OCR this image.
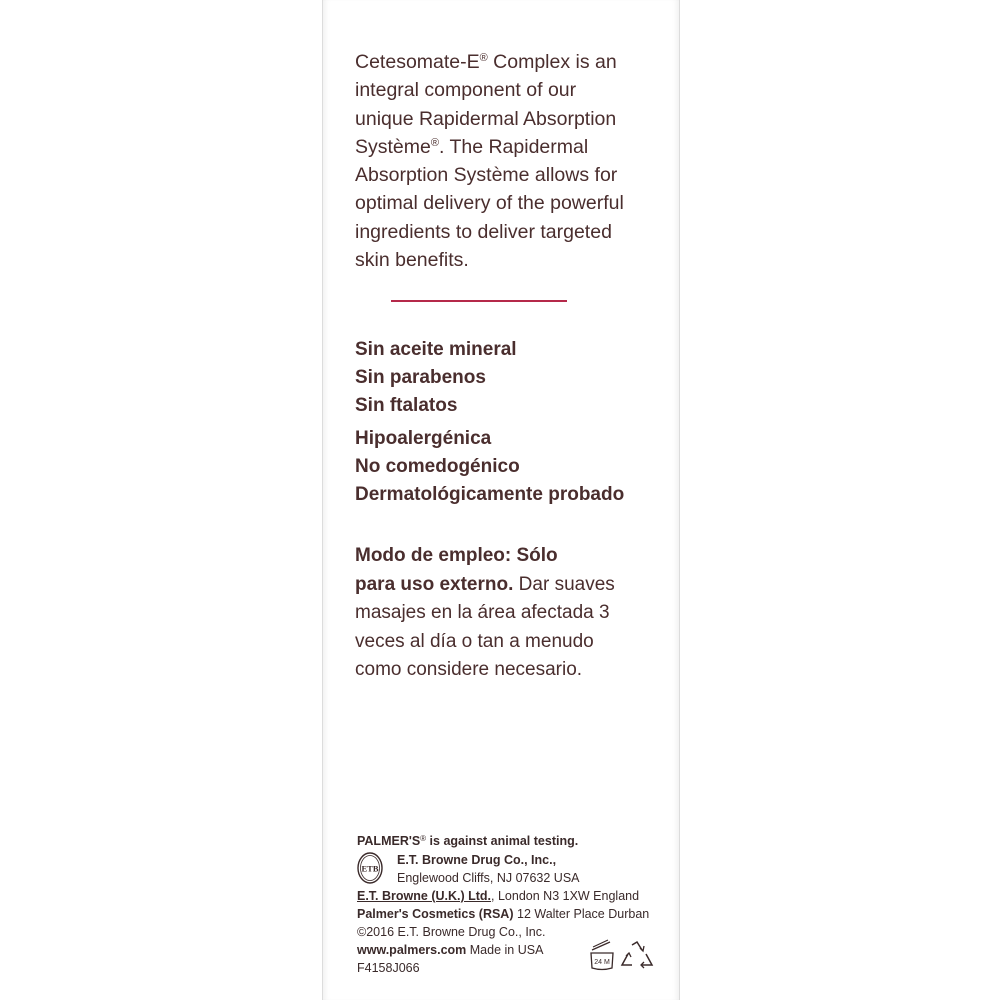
Cetesomate-E® Complex is an
integral component of our
unique Rapidermal Absorption
Systѐme®. The Rapidermal
Absorption Systѐme allows for
optimal delivery of the powerful
ingredients to deliver targeted
skin benefits.
Sin aceite mineral
Sin parabenos
Sin ftalatos
Hipoalergénica
No comedogénico
Dermatológicamente probado
Modo de empleo: Sólo
para uso externo. Dar suaves
masajes en la área afectada 3
veces al día o tan a menudo
como considere necesario.
ETB
PALMER'S® is against animal testing.
E.T. Browne Drug Co., Inc.,
Englewood Cliffs, NJ 07632 USA
E.T. Browne (U.K.) Ltd., London N3 1XW England
Palmer's Cosmetics (RSA) 12 Walter Place Durban
©2016 E.T. Browne Drug Co., Inc.
www.palmers.com Made in USA
F4158J066	24 M
